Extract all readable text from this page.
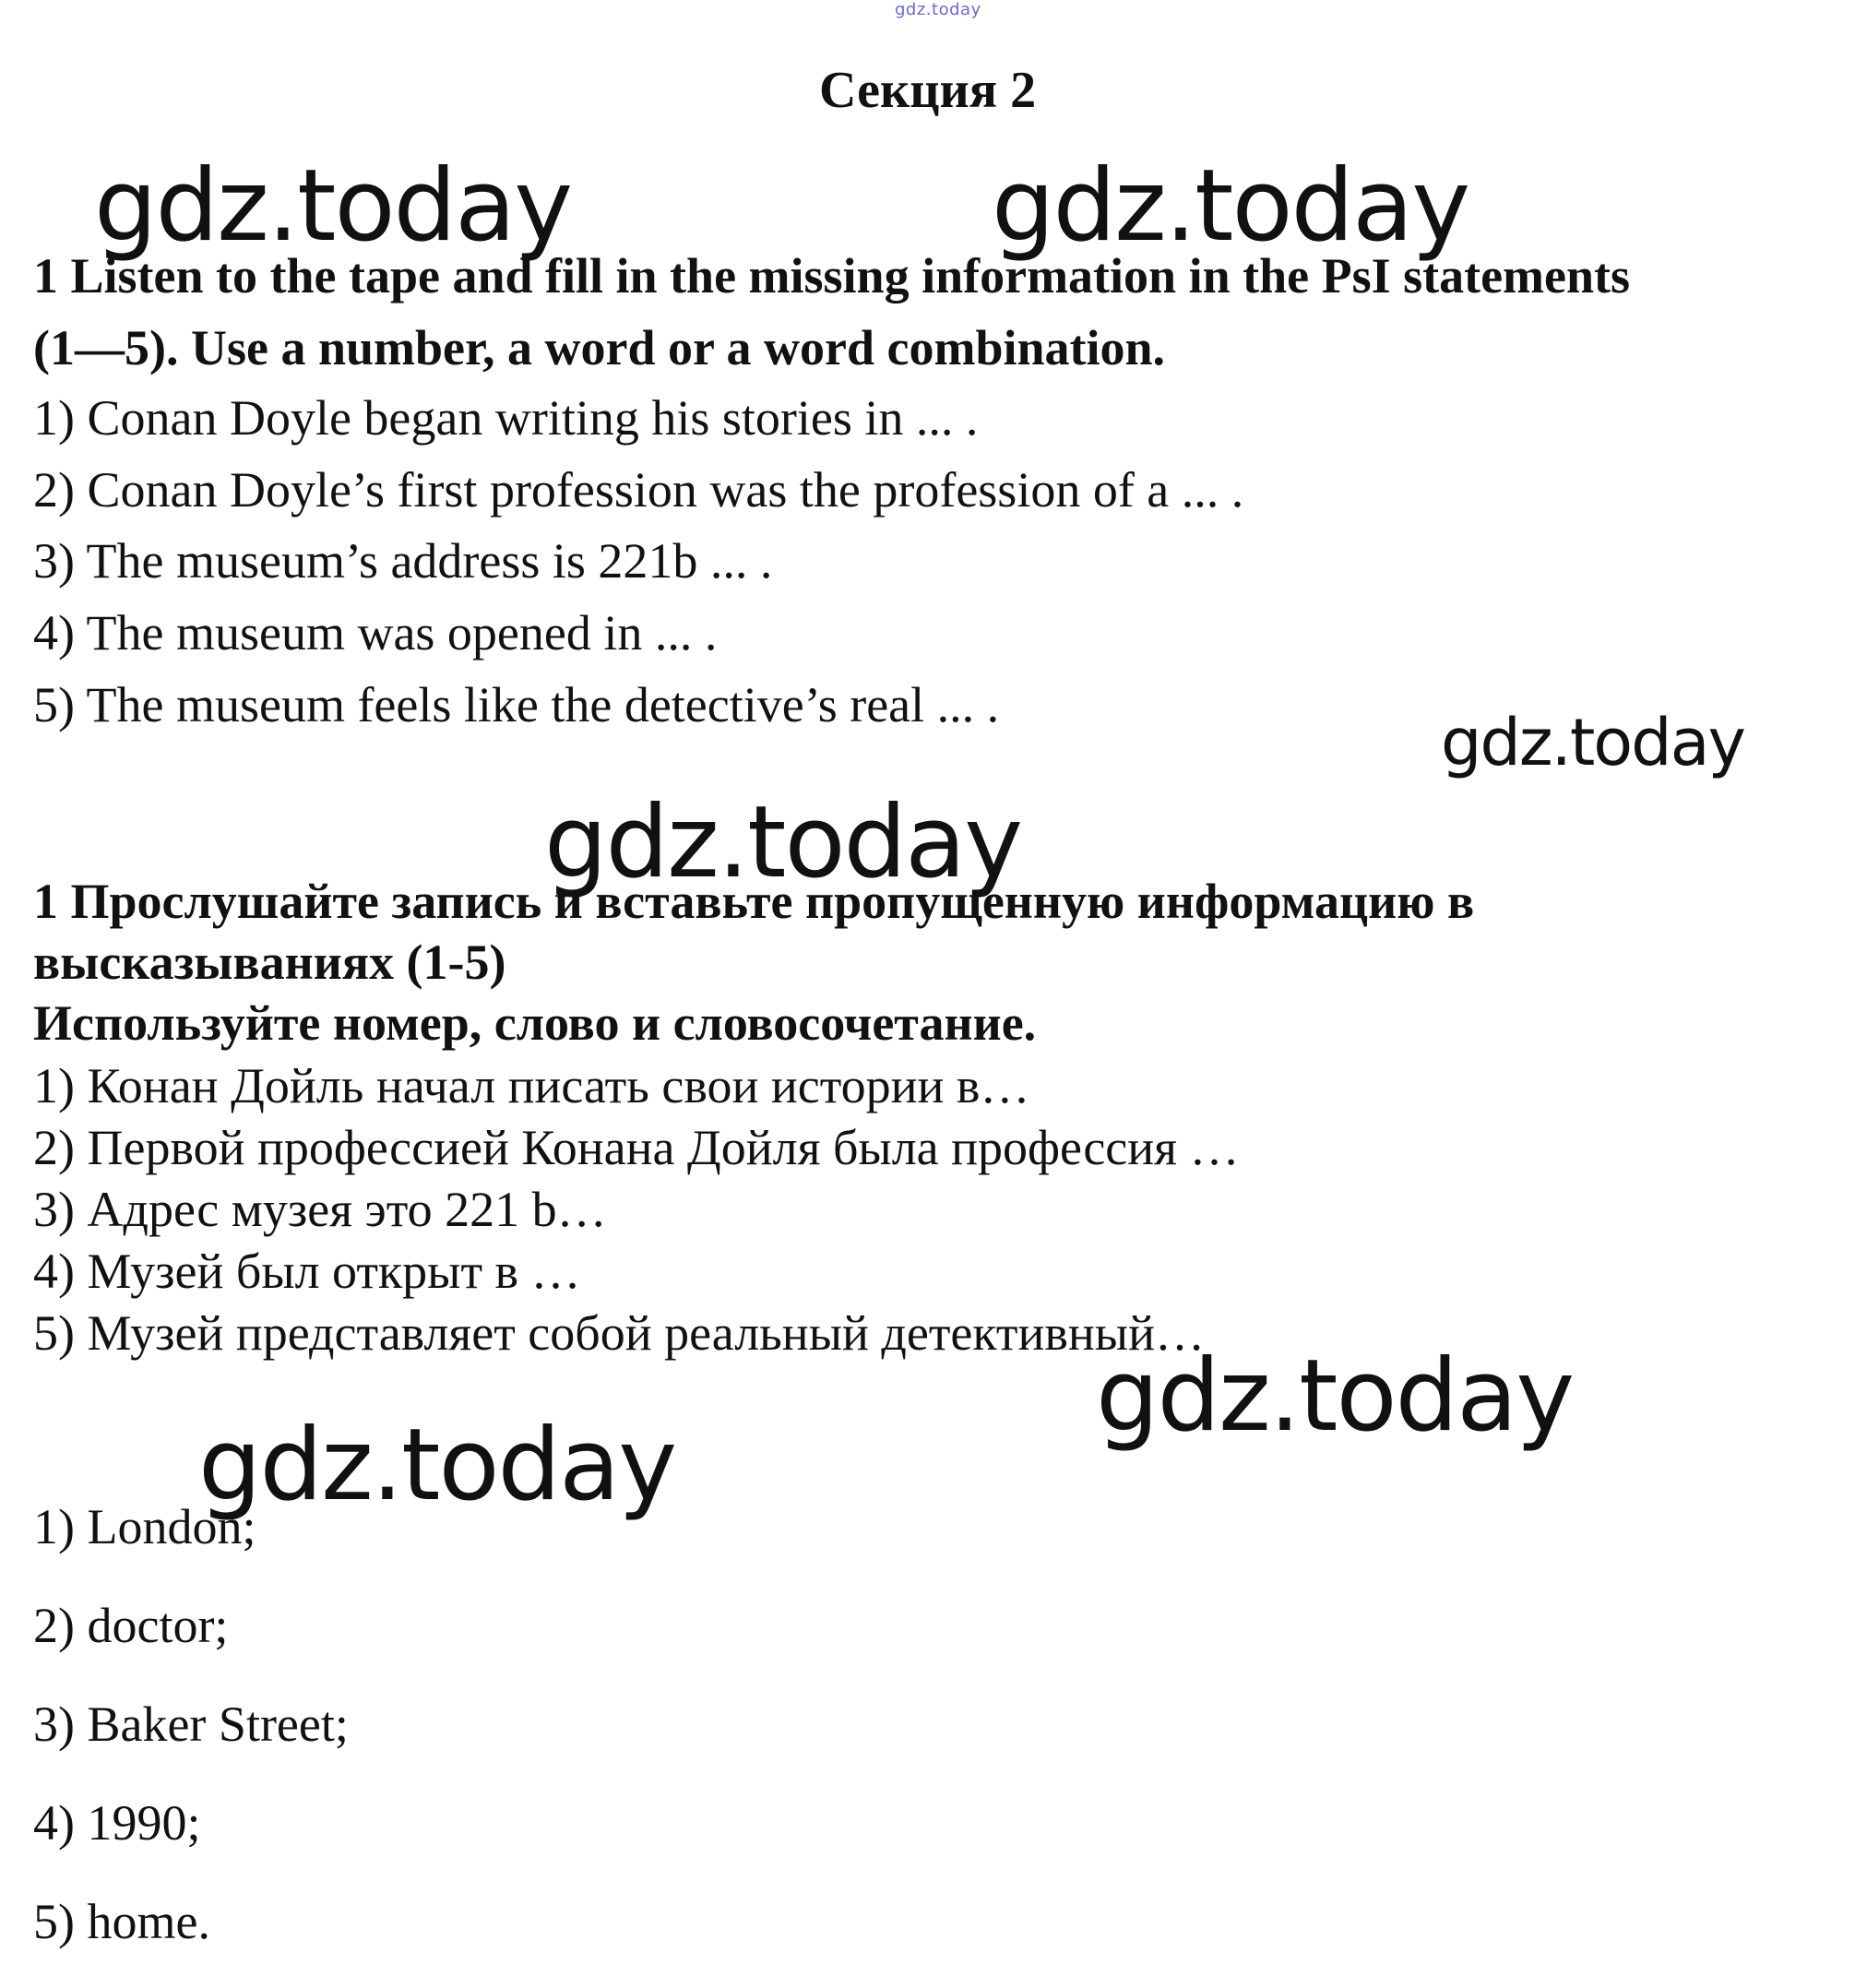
gdz.today
Секция 2
gdz.today	gdz.today
gdz.today
gdz.today
gdz.today
gdz.today
1 Listen to the tape and fill in the missing information in the PsI statements
(1—5). Use a number, a word or a word combination.
1) Conan Doyle began writing his stories in ... .
2) Conan Doyle’s first profession was the profession of a ... .
3) The museum’s address is 221b ... .
4) The museum was opened in ... .
5) The museum feels like the detective’s real ... .
1 Прослушайте запись и вставьте пропущенную информацию в
высказываниях (1-5)
Используйте номер, слово и словосочетание.
1) Конан Дойль начал писать свои истории в…
2) Первой профессией Конана Дойля была профессия …
3) Адрес музея это 221 b…
4) Музей был открыт в …
5) Музей представляет собой реальный детективный…
1) London;
2) doctor;
3) Baker Street;
4) 1990;
5) home.
